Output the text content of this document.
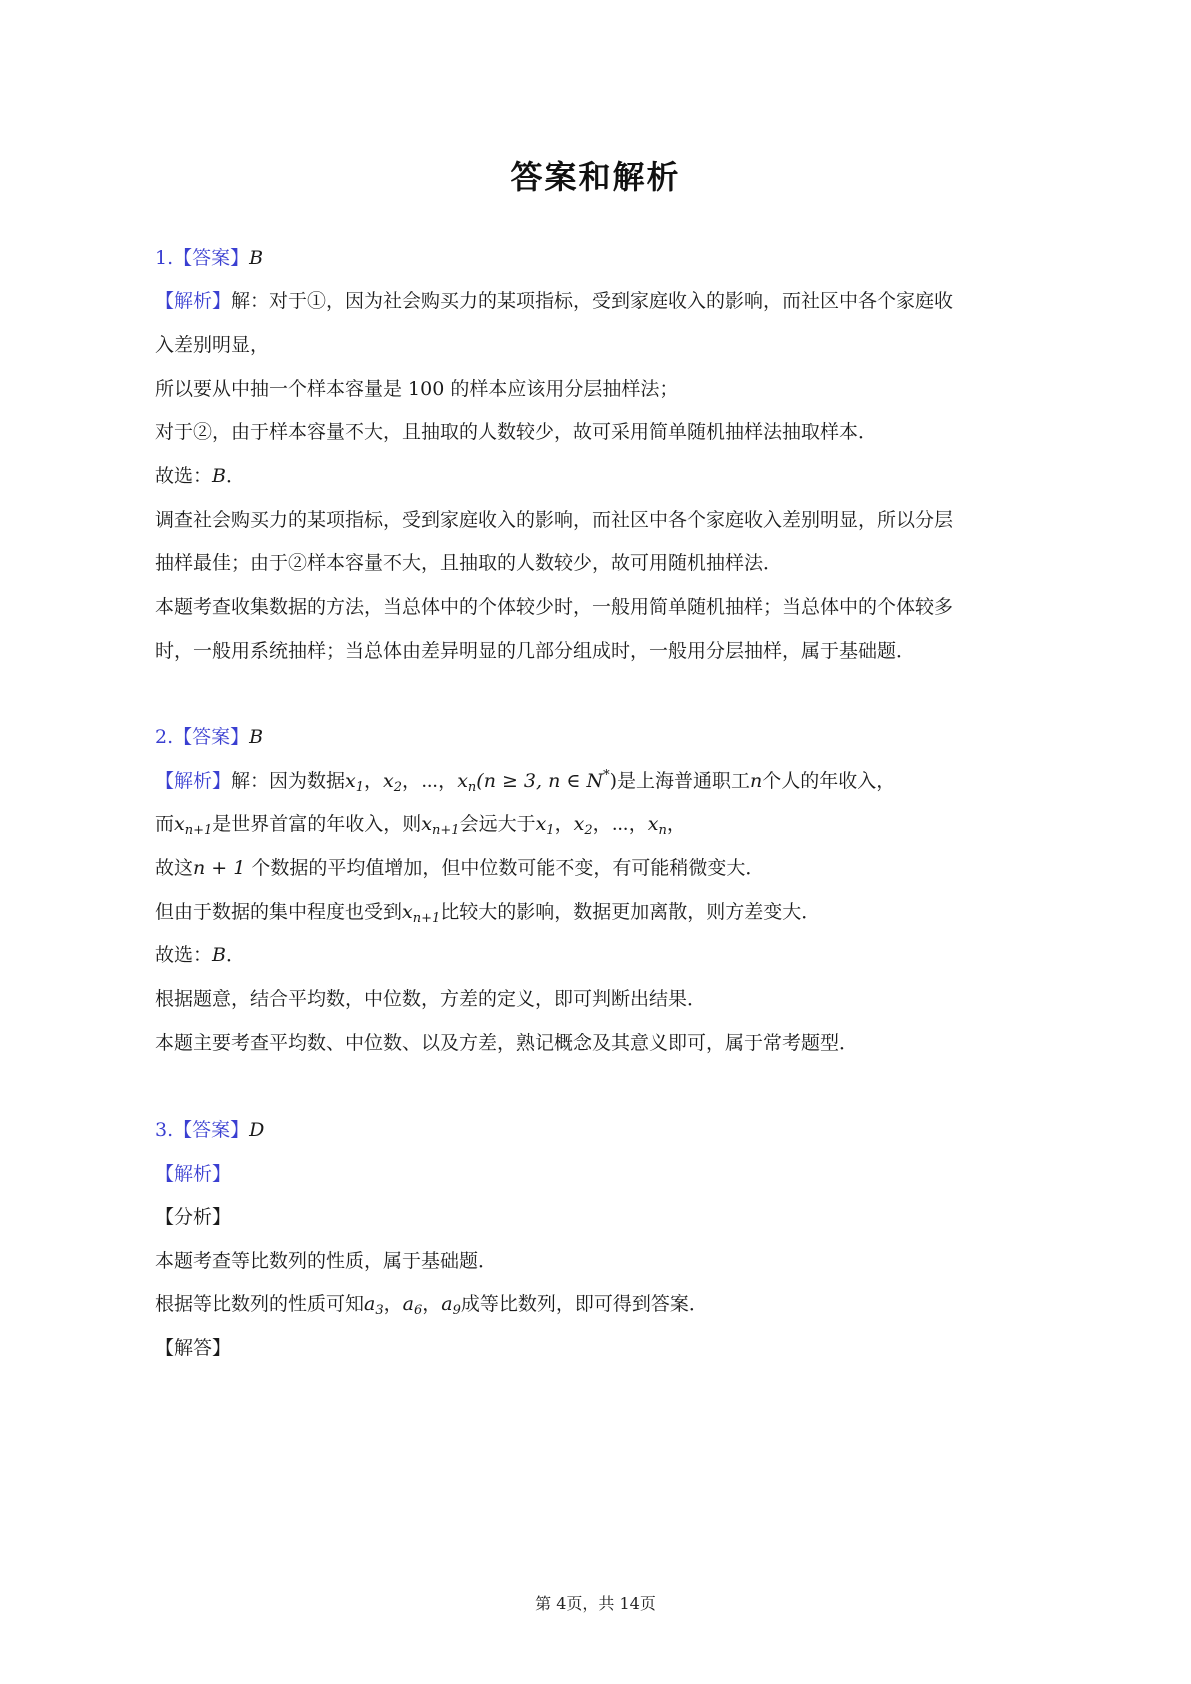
答案和解析
1.【答案】B
【解析】解：对于①，因为社会购买力的某项指标，受到家庭收入的影响，而社区中各个家庭收
入差别明显，
所以要从中抽一个样本容量是 100 的样本应该用分层抽样法；
对于②，由于样本容量不大，且抽取的人数较少，故可采用简单随机抽样法抽取样本．
故选：B．
调查社会购买力的某项指标，受到家庭收入的影响，而社区中各个家庭收入差别明显，所以分层
抽样最佳；由于②样本容量不大，且抽取的人数较少，故可用随机抽样法．
本题考查收集数据的方法，当总体中的个体较少时，一般用简单随机抽样；当总体中的个体较多
时，一般用系统抽样；当总体由差异明显的几部分组成时，一般用分层抽样，属于基础题．
2.【答案】B
【解析】解：因为数据$x_1$，$x_2$，⋯，$x_n(n \ge 3$, n ∈ N*)是上海普通职工n个人的年收入，
而$x_{n+1}$是世界首富的年收入，则$x_{n+1}$会远大于$x_1$，$x_2$，⋯，$x_n$，
故这n + 1 个数据的平均值增加，但中位数可能不变，有可能稍微变大．
但由于数据的集中程度也受到$x_{n+1}$比较大的影响，数据更加离散，则方差变大．
故选：B．
根据题意，结合平均数，中位数，方差的定义，即可判断出结果．
本题主要考查平均数、中位数、以及方差，熟记概念及其意义即可，属于常考题型．
3.【答案】D
【解析】
【分析】
本题考查等比数列的性质，属于基础题．
根据等比数列的性质可知$a_3$，$a_6$，$a_9$成等比数列，即可得到答案．
【解答】
第 4页，共 14页
